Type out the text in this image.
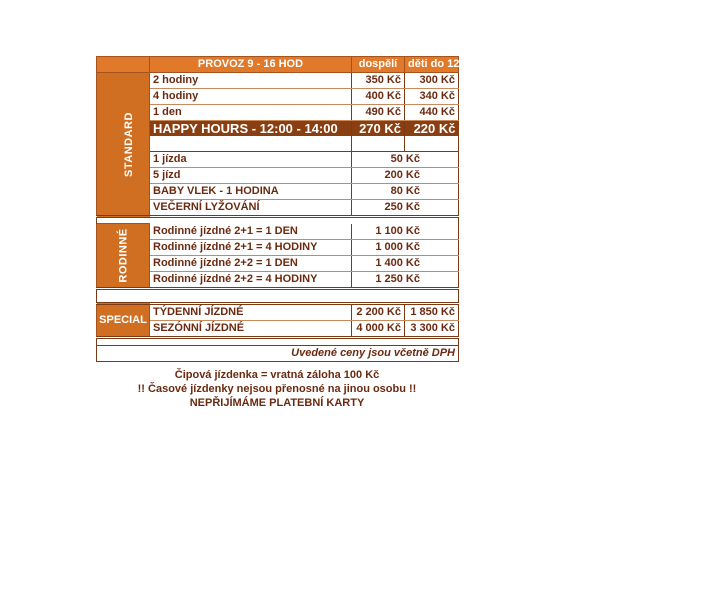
	PROVOZ 9 - 16 HOD	dospělí	děti do 12 let
STANDARD	2 hodiny	350 Kč	300 Kč
	4 hodiny	400 Kč	340 Kč
	1 den	490 Kč	440 Kč
	HAPPY HOURS - 12:00 - 14:00	270 Kč	220 Kč

	1 jízda	50 Kč	
	5 jízd	200 Kč	
	BABY VLEK - 1 HODINA	80 Kč	
	VEČERNÍ LYŽOVÁNÍ	250 Kč	

RODINNÉ	Rodinné jízdné 2+1 = 1 DEN	1 100 Kč	
	Rodinné jízdné 2+1 = 4 HODINY	1 000 Kč	
	Rodinné jízdné 2+2 = 1 DEN	1 400 Kč	
	Rodinné jízdné 2+2 = 4 HODINY	1 250 Kč	

SPECIAL	TÝDENNÍ JÍZDNÉ	2 200 Kč	1 850 Kč
	SEZÓNNÍ JÍZDNÉ	4 000 Kč	3 300 Kč

Uvedené ceny jsou včetně DPH			
Čipová jízdenka = vratná záloha 100 Kč
!! Časové jízdenky nejsou přenosné na jinou osobu !!
NEPŘIJÍMÁME PLATEBNÍ KARTY
